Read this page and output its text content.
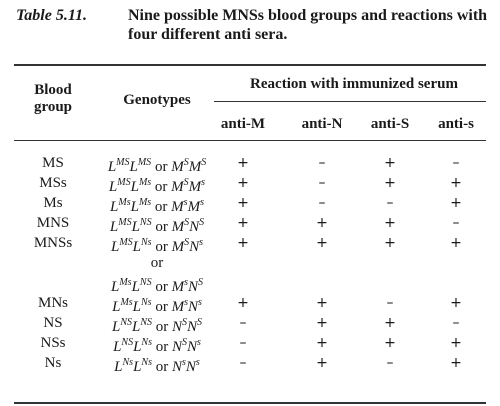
Table 5.11.	Nine possible MNSs blood groups and reactions with four different anti sera.
Blood group	Genotypes
Reaction with immunized serum
anti-M	anti-N	anti-S	anti-s
MS	$L^{MS}L^{MS}$ or $M^SM^S$	+	–	+	–
MSs	$L^{MS}L^{Ms}$ or $M^SM^s$	+	–	+	+
Ms	$L^{Ms}L^{Ms}$ or $M^sM^s$	+	–	–	+
MNS	$L^{MS}L^{NS}$ or $M^SN^S$	+	+	+	–
MNSs	$L^{MS}L^{Ns}$ or $M^SN^s$	+	+	+	+
or
$L^{Ms}L^{NS}$ or $M^sN^S$
MNs	$L^{Ms}L^{Ns}$ or $M^sN^s$	+	+	–	+
NS	$L^{NS}L^{NS}$ or $N^SN^S$	–	+	+	–
NSs	$L^{NS}L^{Ns}$ or $N^SN^s$	–	+	+	+
Ns	$L^{Ns}L^{Ns}$ or $N^sN^s$	–	+	–	+
